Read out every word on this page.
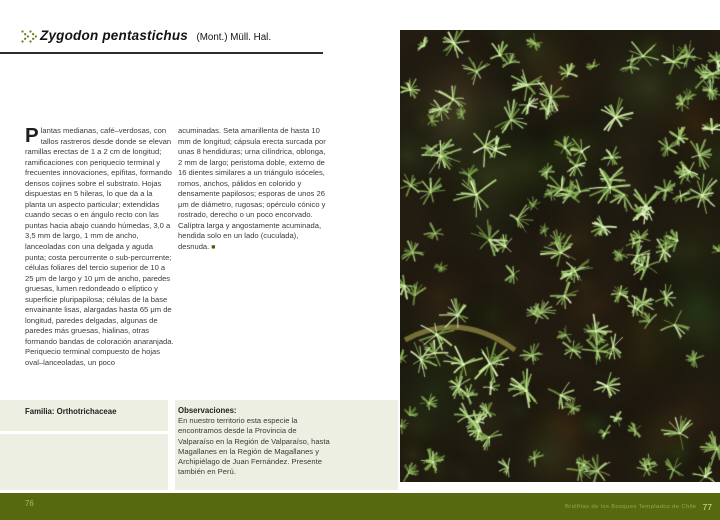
Zygodon pentastichus (Mont.) Müll. Hal.
Plantas medianas, café–verdosas, con tallos rastreros desde donde se elevan ramillas erectas de 1 a 2 cm de longitud; ramificaciones con periquecio terminal y frecuentes innovaciones, epífitas, formando densos cojines sobre el substrato. Hojas dispuestas en 5 hileras, lo que da a la planta un aspecto particular; extendidas cuando secas o en ángulo recto con las puntas hacia abajo cuando húmedas, 3,0 a 3,5 mm de largo, 1 mm de ancho, lanceoladas con una delgada y aguda punta; costa percurrente o sub-percurrente; células foliares del tercio superior de 10 a 25 μm de largo y 10 μm de ancho, paredes gruesas, lumen redondeado o elíptico y superficie pluripapilosa; células de la base envainante lisas, alargadas hasta 65 μm de longitud, paredes delgadas, algunas de paredes más gruesas, hialinas, otras formando bandas de coloración anaranjada. Periquecio terminal compuesto de hojas oval–lanceoladas, un poco
acuminadas. Seta amarillenta de hasta 10 mm de longitud; cápsula erecta surcada por unas 8 hendiduras; urna cilíndrica, oblonga, 2 mm de largo; peristoma doble, externo de 16 dientes similares a un triángulo isóceles, romos, anchos, pálidos en colorido y densamente papilosos; esporas de unos 26 μm de diámetro, rugosas; opérculo cónico y rostrado, derecho o un poco encorvado. Calíptra larga y angostamente acuminada, hendida solo en un lado (cuculada), desnuda. ■
Familia: Orthotrichaceae	Observaciones:
En nuestro territorio esta especie la encontramos desde la Provincia de Valparaíso en la Región de Valparaíso, hasta Magallanes en la Región de Magallanes y Archipiélago de Juan Fernández. Presente también en Perú.
76	Briófitas de los Bosques Templados de Chile 77
